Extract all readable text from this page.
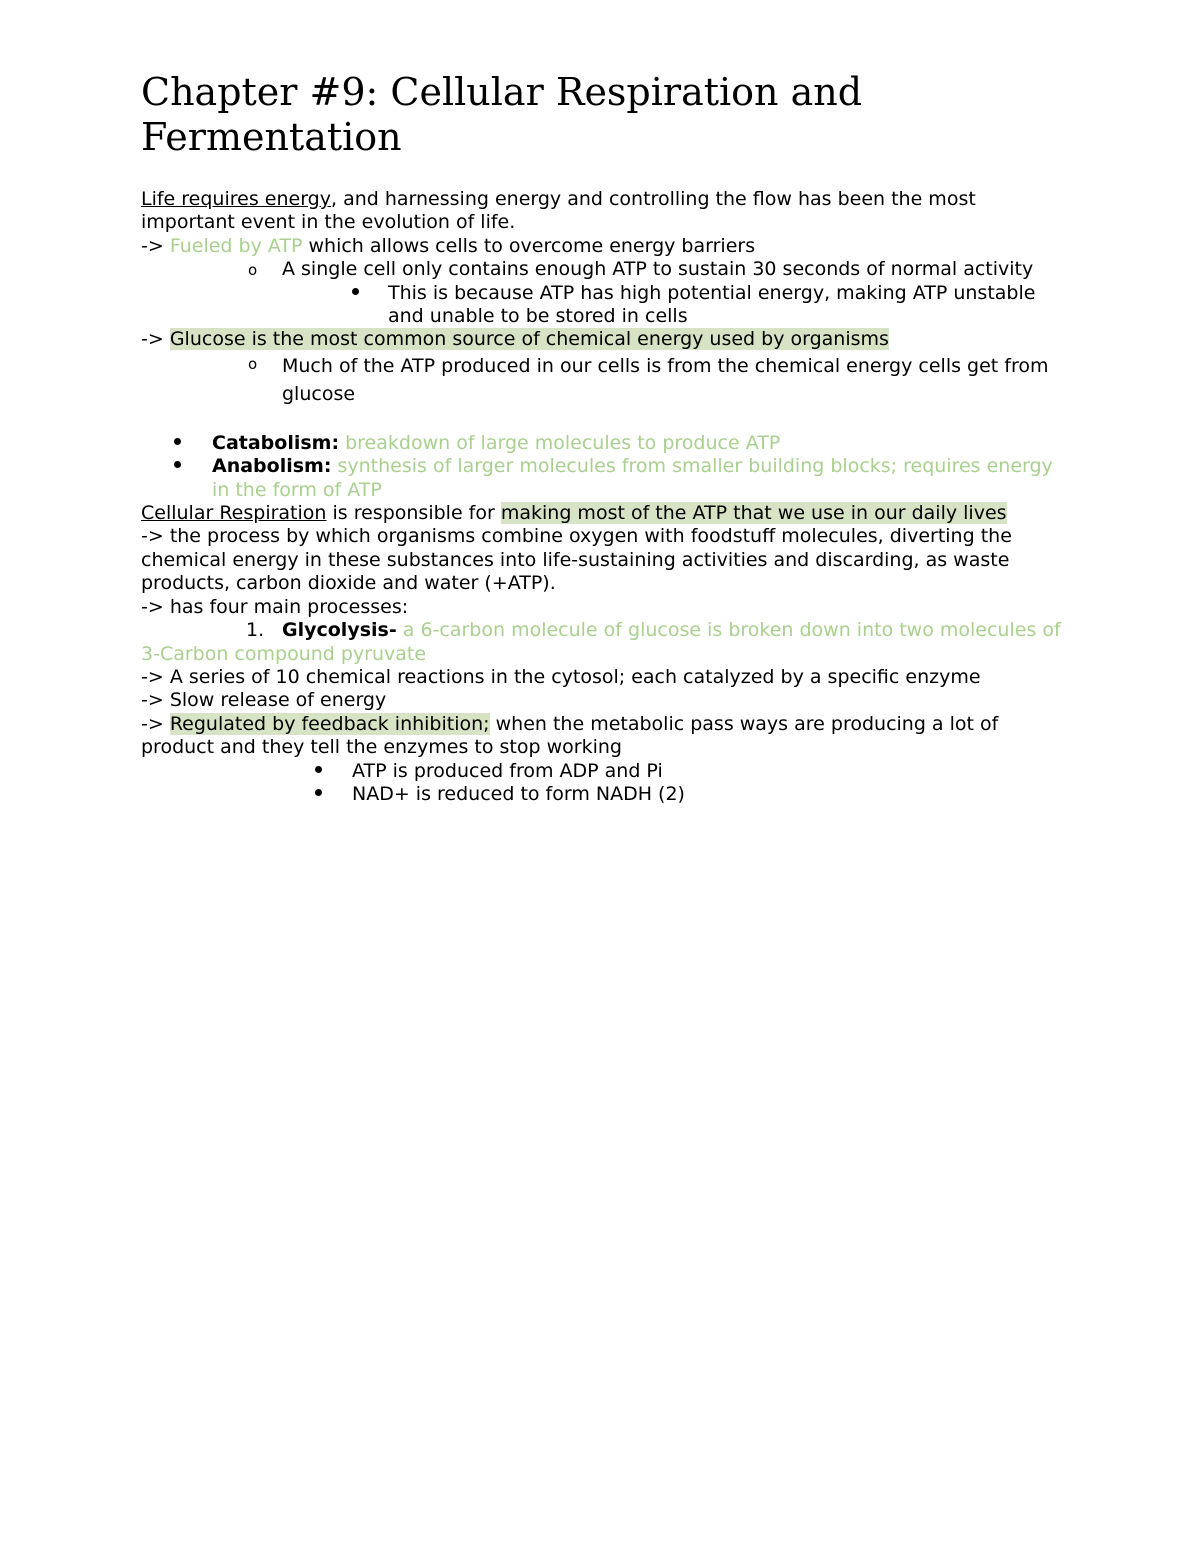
Chapter #9: Cellular Respiration and Fermentation

Life requires energy, and harnessing energy and controlling the flow has been the most important event in the evolution of life.

-> Fueled by ATP which allows cells to overcome energy barriers

o A single cell only contains enough ATP to sustain 30 seconds of normal activity
This is because ATP has high potential energy, making ATP unstable and unable to be stored in cells

-> Glucose is the most common source of chemical energy used by organisms

o Much of the ATP produced in our cells is from the chemical energy cells get from glucose
Catabolism: breakdown of large molecules to produce ATP
Anabolism: synthesis of larger molecules from smaller building blocks; requires energy in the form of ATP

Cellular Respiration is responsible for making most of the ATP that we use in our daily lives

-> the process by which organisms combine oxygen with foodstuff molecules, diverting the chemical energy in these substances into life-sustaining activities and discarding, as waste products, carbon dioxide and water (+ATP).

-> has four main processes:

1. Glycolysis- a 6-carbon molecule of glucose is broken down into two molecules of

3-Carbon compound pyruvate

-> A series of 10 chemical reactions in the cytosol; each catalyzed by a specific enzyme

-> Slow release of energy

-> Regulated by feedback inhibition; when the metabolic pass ways are producing a lot of product and they tell the enzymes to stop working

ATP is produced from ADP and Pi
NAD+ is reduced to form NADH (2)
